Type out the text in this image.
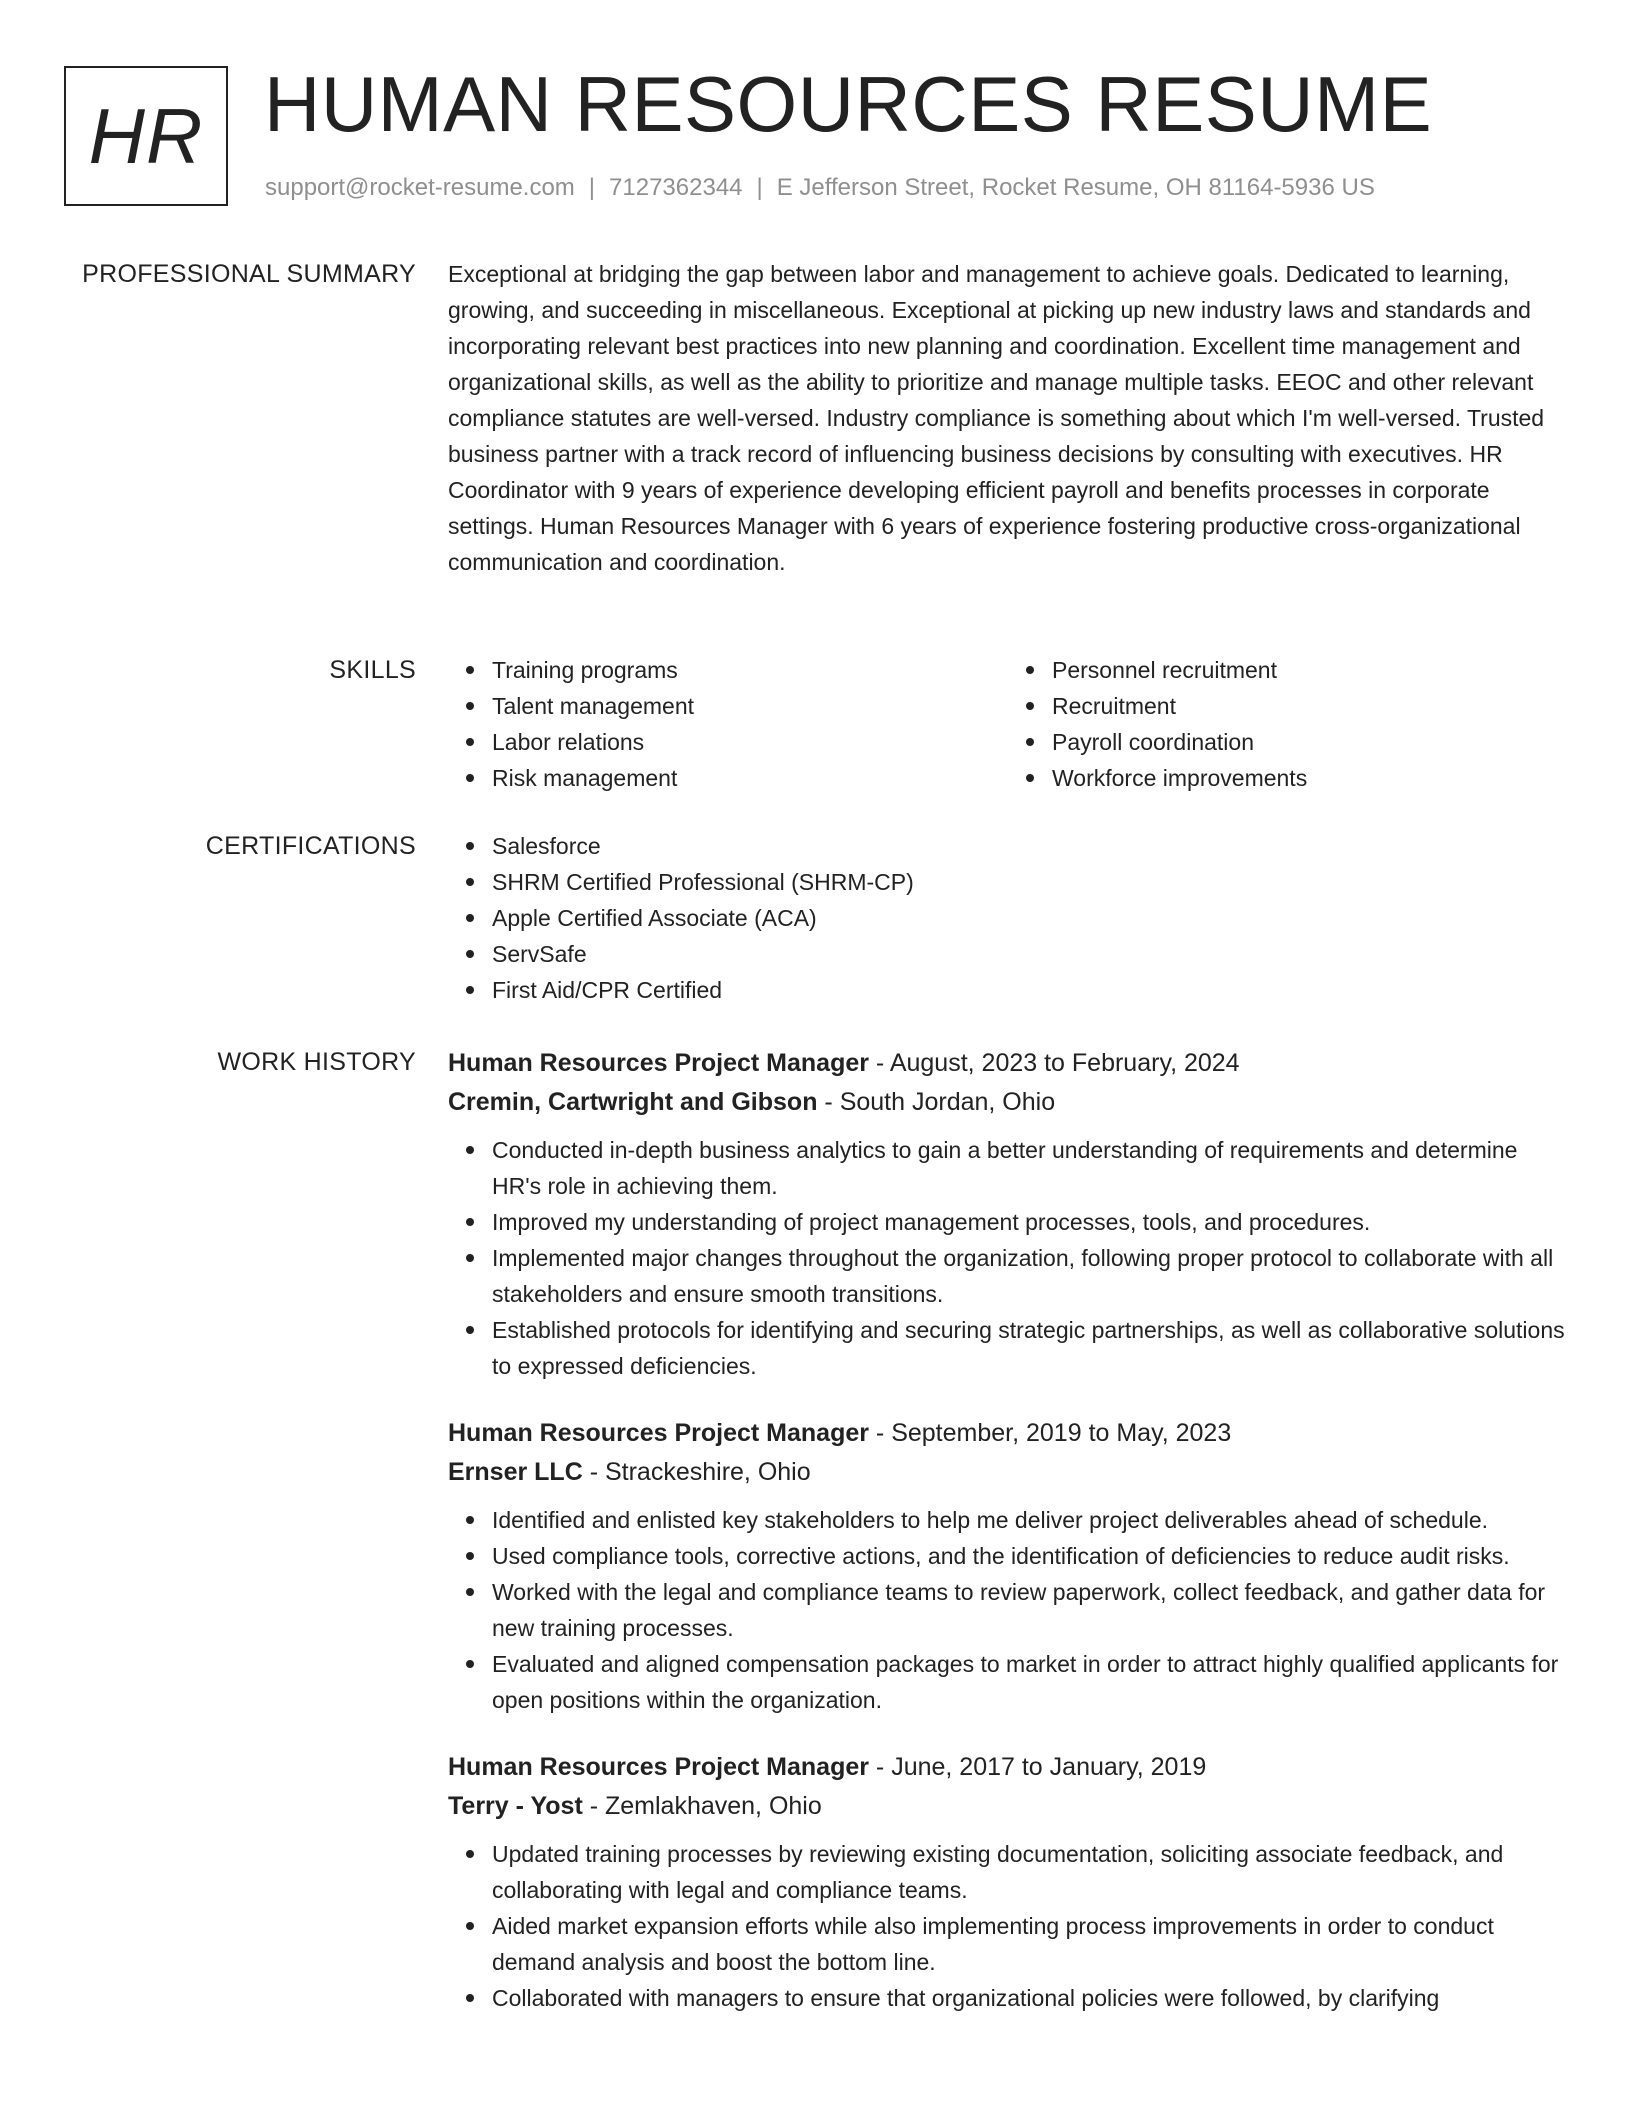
HR HUMAN RESOURCES RESUME
support@rocket-resume.com | 7127362344 | E Jefferson Street, Rocket Resume, OH 81164-5936 US
PROFESSIONAL SUMMARY Exceptional at bridging the gap between labor and management to achieve goals. Dedicated to learning, growing, and succeeding in miscellaneous. Exceptional at picking up new industry laws and standards and incorporating relevant best practices into new planning and coordination. Excellent time management and organizational skills, as well as the ability to prioritize and manage multiple tasks. EEOC and other relevant compliance statutes are well-versed. Industry compliance is something about which I'm well-versed. Trusted business partner with a track record of influencing business decisions by consulting with executives. HR Coordinator with 9 years of experience developing efficient payroll and benefits processes in corporate settings. Human Resources Manager with 6 years of experience fostering productive cross-organizational communication and coordination.

SKILLS	Training programs
Talent management
Labor relations
Risk management
Personnel recruitment
Recruitment
Payroll coordination
Workforce improvements
CERTIFICATIONS	Salesforce
SHRM Certified Professional (SHRM-CP)
Apple Certified Associate (ACA)
ServSafe
First Aid/CPR Certified
WORK HISTORY Human Resources Project Manager - August, 2023 to February, 2024

Cremin, Cartwright and Gibson - South Jordan, Ohio

Conducted in-depth business analytics to gain a better understanding of requirements and determine HR's role in achieving them.
Improved my understanding of project management processes, tools, and procedures.
Implemented major changes throughout the organization, following proper protocol to collaborate with all stakeholders and ensure smooth transitions.
Established protocols for identifying and securing strategic partnerships, as well as collaborative solutions to expressed deficiencies.

Human Resources Project Manager - September, 2019 to May, 2023

Ernser LLC - Strackeshire, Ohio

Identified and enlisted key stakeholders to help me deliver project deliverables ahead of schedule.
Used compliance tools, corrective actions, and the identification of deficiencies to reduce audit risks.
Worked with the legal and compliance teams to review paperwork, collect feedback, and gather data for new training processes.
Evaluated and aligned compensation packages to market in order to attract highly qualified applicants for open positions within the organization.

Human Resources Project Manager - June, 2017 to January, 2019

Terry - Yost - Zemlakhaven, Ohio

Updated training processes by reviewing existing documentation, soliciting associate feedback, and collaborating with legal and compliance teams.
Aided market expansion efforts while also implementing process improvements in order to conduct demand analysis and boost the bottom line.
Collaborated with managers to ensure that organizational policies were followed, by clarifying
